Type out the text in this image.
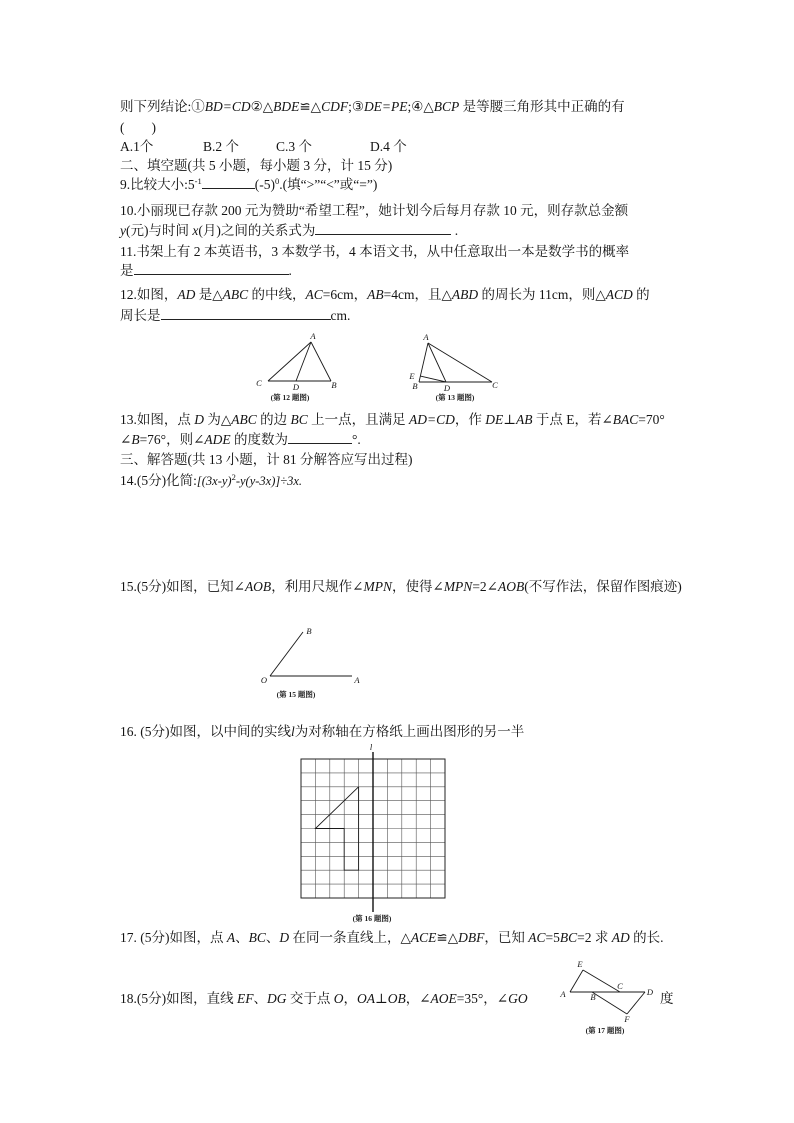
则下列结论:①BD=CD②△BDE≌△CDF;③DE=PE;④△BCP 是等腰三角形其中正确的有
(　　)
A.1个	B.2 个	C.3 个	D.4 个
二、填空题(共 5 小题，每小题 3 分，计 15 分)
9.比较大小$:5^{-1}$	$(-5)^0$.(填“>”“<”或“=”)
10.小丽现已存款 200 元为赞助“希望工程”，她计划今后每月存款 10 元，则存款总金额
y(元)与时间 x(月)之间的关系式为	.
11.书架上有 2 本英语书，3 本数学书，4 本语文书，从中任意取出一本是数学书的概率
是	.
12.如图，AD 是△ABC 的中线，AC=6cm，AB=4cm，且△ABD 的周长为 11cm，则△ACD 的
周长是	cm.
A
C	D	B
(第 12 题图)
A
E
B	D	C
(第 13 题图)
13.如图，点 D 为△ABC 的边 BC 上一点，且满足 AD=CD，作 DE⊥AB 于点 E，若∠BAC=70°
∠B=76°，则∠ADE 的度数为	°.
三、解答题(共 13 小题，计 81 分解答应写出过程)
14.(5分)化简$:[(3x-y)^2-y(y-3x)]\div 3x$.
15.(5分)如图，已知∠AOB，利用尺规作∠MPN，使得∠MPN=2∠AOB(不写作法，保留作图痕迹)
B
O	A
(第 15 题图)
16. (5分)如图，以中间的实线l为对称轴在方格纸上画出图形的另一半
l
(第 16 题图)
17. (5分)如图，点 A、BC、D 在同一条直线上，△ACE≌△DBF，已知 AC=5BC=2 求 AD 的长.
E
A	B
C
D
F
(第 17 题图)
18.(5分)如图，直线 EF、DG 交于点 O，OA⊥OB，∠AOE=35°，∠GO	度
